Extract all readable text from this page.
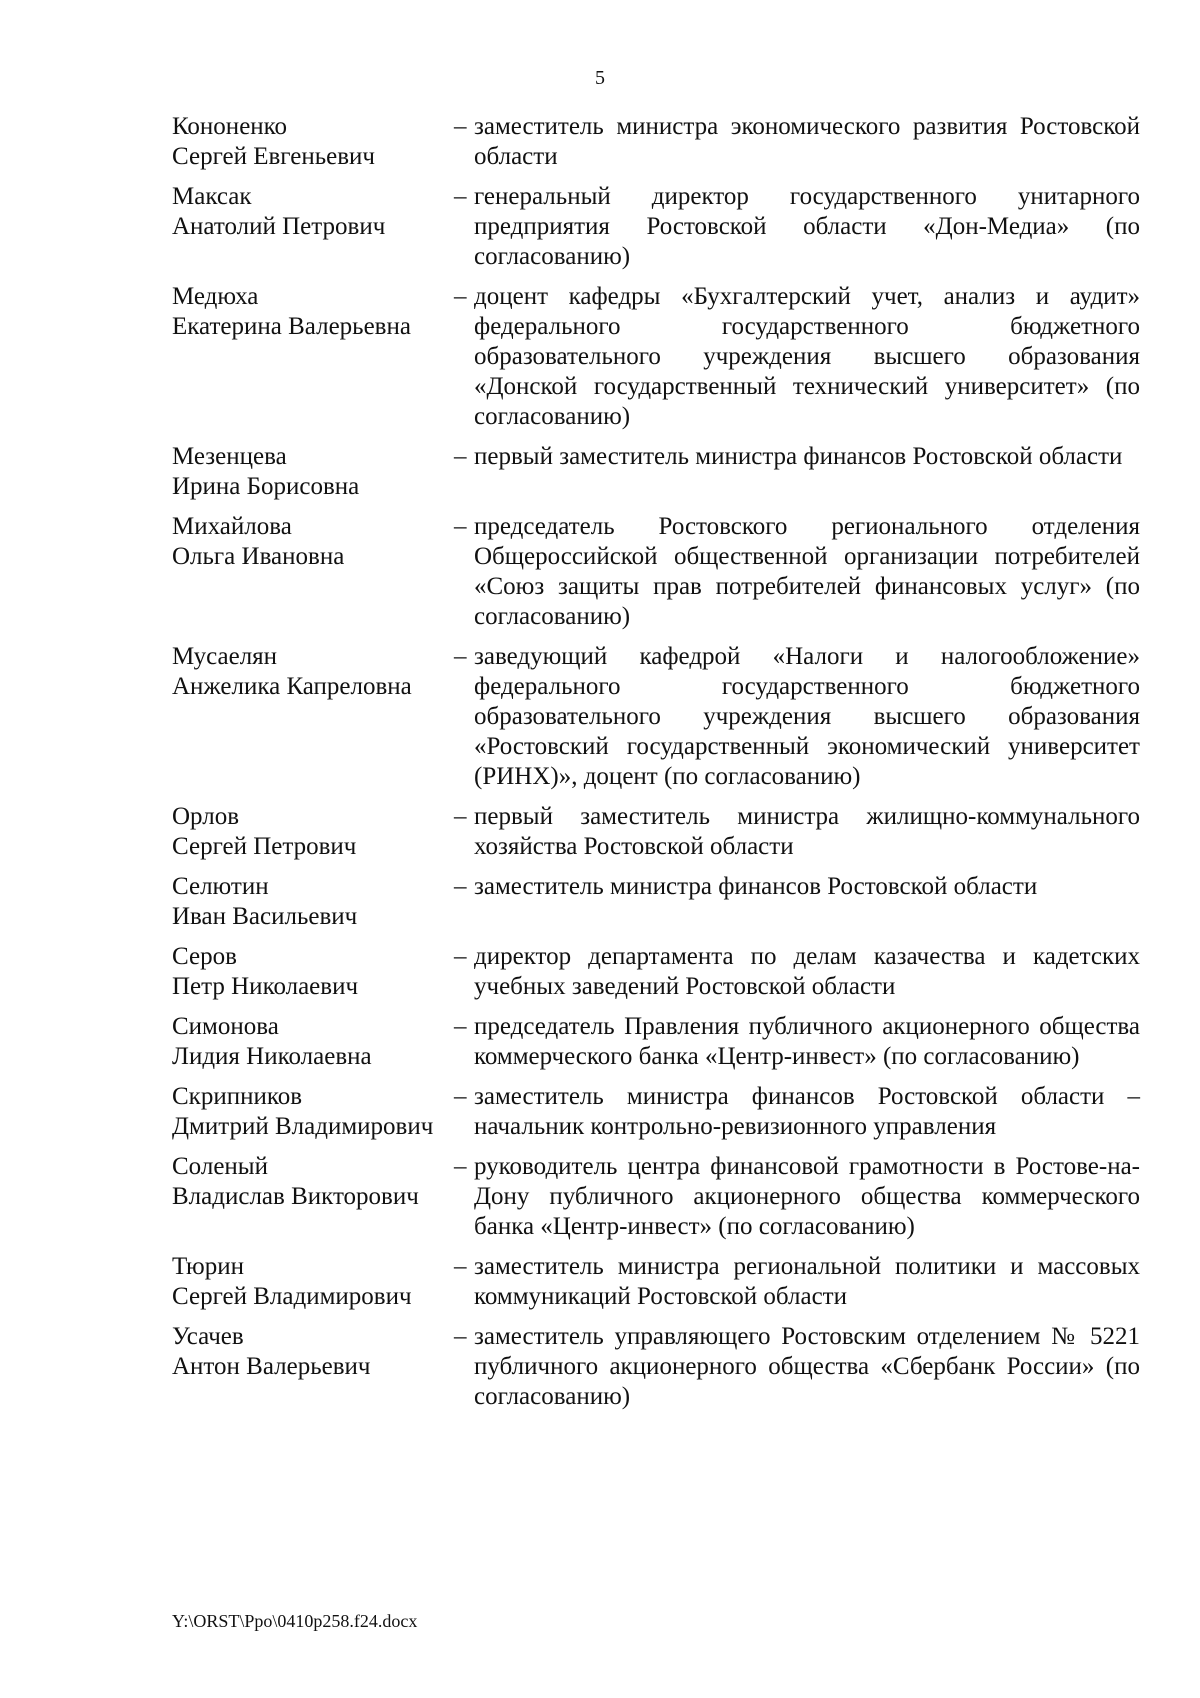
5
Кононенко
Сергей Евгеньевич
– заместитель министра экономического развития Ростовской области
Максак
Анатолий Петрович
– генеральный директор государственного унитарного предприятия Ростовской области «Дон-Медиа» (по согласованию)
Медюха
Екатерина Валерьевна
– доцент кафедры «Бухгалтерский учет, анализ и аудит» федерального государственного бюджетного образовательного учреждения высшего образования «Донской государственный технический университет» (по согласованию)
Мезенцева
Ирина Борисовна
– первый заместитель министра финансов Ростовской области
Михайлова
Ольга Ивановна
– председатель Ростовского регионального отделения Общероссийской общественной организации потребителей «Союз защиты прав потребителей финансовых услуг» (по согласованию)
Мусаелян
Анжелика Капреловна
– заведующий кафедрой «Налоги и налогообложение» федерального государственного бюджетного образовательного учреждения высшего образования «Ростовский государственный экономический университет (РИНХ)», доцент (по согласованию)
Орлов
Сергей Петрович
– первый заместитель министра жилищно-коммунального хозяйства Ростовской области
Селютин
Иван Васильевич
– заместитель министра финансов Ростовской области
Серов
Петр Николаевич
– директор департамента по делам казачества и кадетских учебных заведений Ростовской области
Симонова
Лидия Николаевна
– председатель Правления публичного акционерного общества коммерческого банка «Центр-инвест» (по согласованию)
Скрипников
Дмитрий Владимирович
– заместитель министра финансов Ростовской области – начальник контрольно-ревизионного управления
Соленый
Владислав Викторович
– руководитель центра финансовой грамотности в Ростове-на-Дону публичного акционерного общества коммерческого банка «Центр-инвест» (по согласованию)
Тюрин
Сергей Владимирович
– заместитель министра региональной политики и массовых коммуникаций Ростовской области
Усачев
Антон Валерьевич
– заместитель управляющего Ростовским отделением № 5221 публичного акционерного общества «Сбербанк России» (по согласованию)
Y:\ORST\Ppo\0410p258.f24.docx
